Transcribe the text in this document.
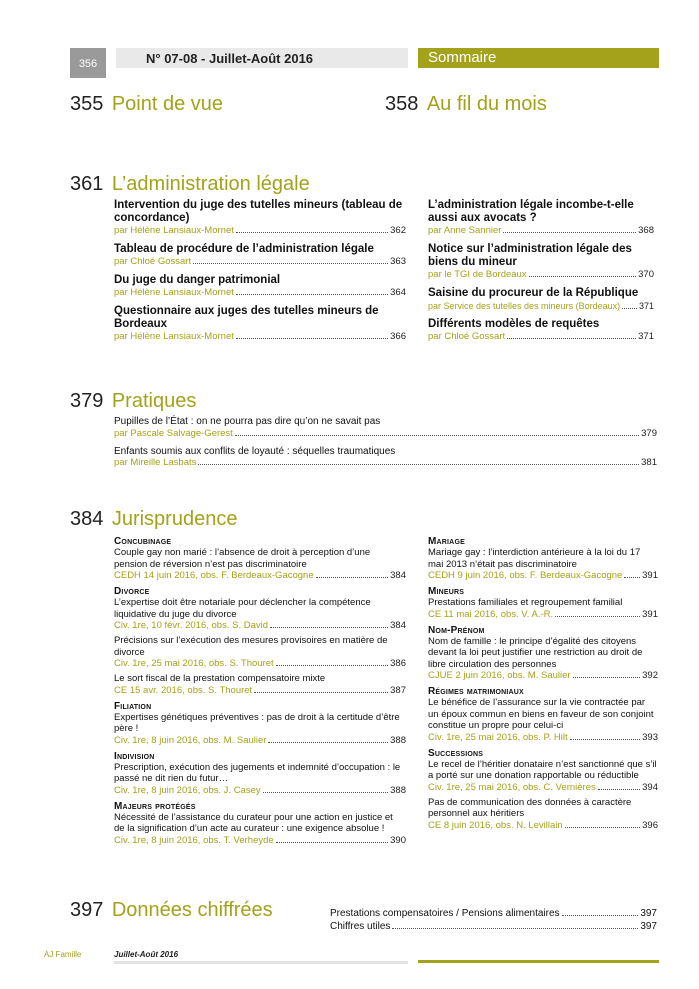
356	N° 07-08 - Juillet-Août 2016	Sommaire
355 Point de vue	358 Au fil du mois
361 L’administration légale
Intervention du juge des tutelles mineurs (tableau de concordance)
par Hélène Lansiaux-Mornet	362
Tableau de procédure de l’administration légale
par Chloé Gossart	363
Du juge du danger patrimonial
par Hélène Lansiaux-Mornet	364
Questionnaire aux juges des tutelles mineurs de Bordeaux
par Hélène Lansiaux-Mornet	366
L’administration légale incombe-t-elle aussi aux avocats ?
par Anne Sannier	368
Notice sur l’administration légale des biens du mineur
par le TGI de Bordeaux	370
Saisine du procureur de la République
par Service des tutelles des mineurs (Bordeaux) 371
Différents modèles de requêtes
par Chloé Gossart	371
379 Pratiques
Pupilles de l’État : on ne pourra pas dire qu’on ne savait pas
par Pascale Salvage-Gerest	379
Enfants soumis aux conflits de loyauté : séquelles traumatiques
par Mireille Lasbats	381
384 Jurisprudence
Concubinage
Couple gay non marié : l’absence de droit à perception d’une pension de réversion n’est pas discriminatoire
CEDH 14 juin 2016, obs. F. Berdeaux-Gacogne	384
Divorce
L’expertise doit être notariale pour déclencher la compétence liquidative du juge du divorce
Civ. 1re, 10 févr. 2016, obs. S. David	384
Précisions sur l’exécution des mesures provisoires en matière de divorce
Civ. 1re, 25 mai 2016, obs. S. Thouret	386
Le sort fiscal de la prestation compensatoire mixte
CE 15 avr. 2016, obs. S. Thouret	387
Filiation
Expertises génétiques préventives : pas de droit à la certitude d’être père !
Civ. 1re, 8 juin 2016, obs. M. Saulier	388
Indivision
Prescription, exécution des jugements et indemnité d’occupation : le passé ne dit rien du futur…
Civ. 1re, 8 juin 2016, obs. J. Casey	388
Majeurs protégés
Nécessité de l’assistance du curateur pour une action en justice et de la signification d’un acte au curateur : une exigence absolue !
Civ. 1re, 8 juin 2016, obs. T. Verheyde	390
Mariage
Mariage gay : l’interdiction antérieure à la loi du 17 mai 2013 n’était pas discriminatoire
CEDH 9 juin 2016, obs. F. Berdeaux-Gacogne 391
Mineurs
Prestations familiales et regroupement familial
CE 11 mai 2016, obs. V. A.-R.	391
Nom-Prénom
Nom de famille : le principe d’égalité des citoyens devant la loi peut justifier une restriction au droit de libre circulation des personnes
CJUE 2 juin 2016, obs. M. Saulier	392
Régimes matrimoniaux
Le bénéfice de l’assurance sur la vie contractée par un époux commun en biens en faveur de son conjoint constitue un propre pour celui-ci
Civ. 1re, 25 mai 2016, obs. P. Hilt	393
Successions
Le recel de l’héritier donataire n’est sanctionné que s’il a porté sur une donation rapportable ou réductible
Civ. 1re, 25 mai 2016, obs. C. Vernières	394
Pas de communication des données à caractère personnel aux héritiers
CE 8 juin 2016, obs. N. Levillain	396
397 Données chiffrées	Prestations compensatoires / Pensions alimentaires	397
Chiffres utiles	397
AJ Famille	Juillet-Août 2016
